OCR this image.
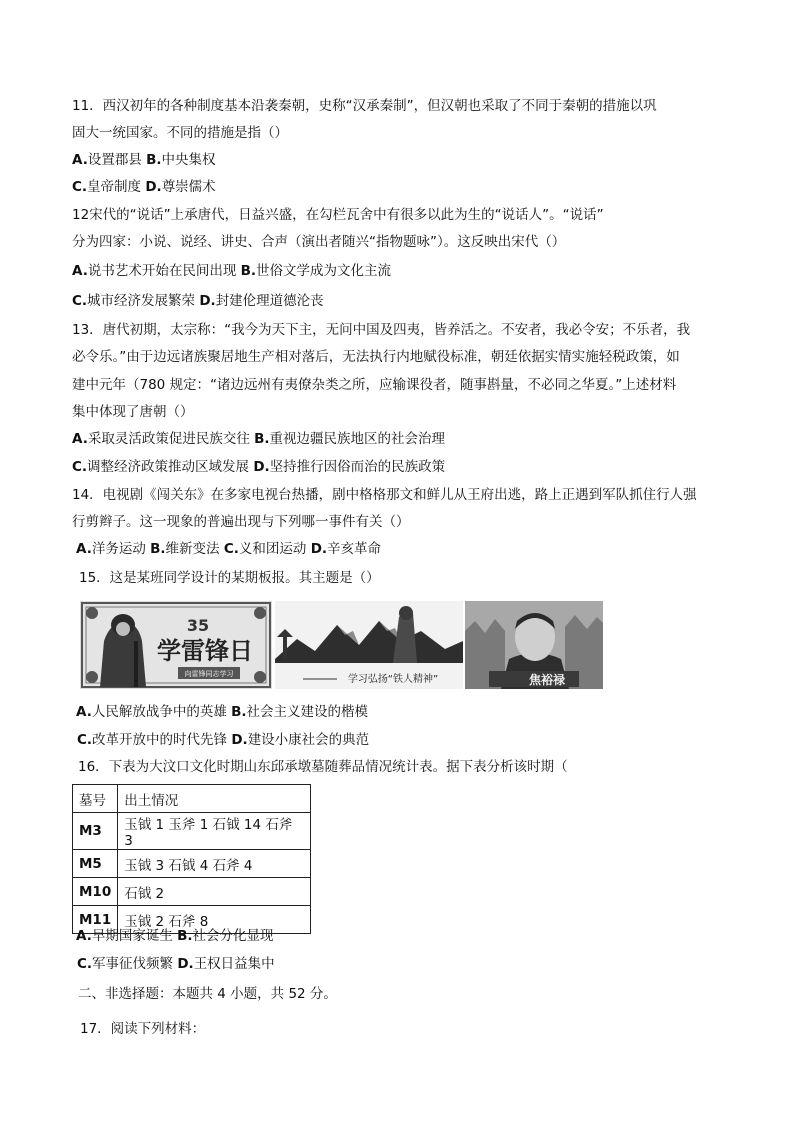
11．西汉初年的各种制度基本沿袭秦朝，史称“汉承秦制”，但汉朝也采取了不同于秦朝的措施以巩
固大一统国家。不同的措施是指（）
A.设置郡县 B.中央集权
C.皇帝制度 D.尊崇儒术
12宋代的“说话”上承唐代，日益兴盛，在勾栏瓦舍中有很多以此为生的“说话人”。“说话”
分为四家：小说、说经、讲史、合声（演出者随兴“指物题咏”）。这反映出宋代（）
A.说书艺术开始在民间出现 B.世俗文学成为文化主流
C.城市经济发展繁荣 D.封建伦理道德沦丧
13．唐代初期，太宗称：“我今为天下主，无问中国及四夷，皆养活之。不安者，我必令安；不乐者，我
必令乐。”由于边远诸族聚居地生产相对落后，无法执行内地赋役标准，朝廷依据实情实施轻税政策，如
建中元年（780 规定：“诸边远州有夷僚杂类之所，应输课役者，随事斟量，不必同之华夏。”上述材料
集中体现了唐朝（）
A.采取灵活政策促进民族交往 B.重视边疆民族地区的社会治理
C.调整经济政策推动区域发展 D.坚持推行因俗而治的民族政策
14．电视剧《闯关东》在多家电视台热播，剧中格格那文和鲜儿从王府出逃，路上正遇到军队抓住行人强
行剪辫子。这一现象的普遍出现与下列哪一事件有关（）
A.洋务运动 B.维新变法 C.义和团运动 D.辛亥革命
15．这是某班同学设计的某期板报。其主题是（）
35
学雷锋日
向雷锋同志学习	学习弘扬“铁人精神”	焦裕禄
A.人民解放战争中的英雄 B.社会主义建设的楷模
C.改革开放中的时代先锋 D.建设小康社会的典范
16．下表为大汶口文化时期山东邱承墩墓随葬品情况统计表。据下表分析该时期（
墓号	出土情况
M3	玉钺 1 玉斧 1 石钺 14 石斧 3
M5	玉钺 3 石钺 4 石斧 4
M10	石钺 2
M11	玉钺 2 石斧 8
A.早期国家诞生 B.社会分化显现
C.军事征伐频繁 D.王权日益集中
二、非选择题：本题共 4 小题，共 52 分。
17．阅读下列材料：
